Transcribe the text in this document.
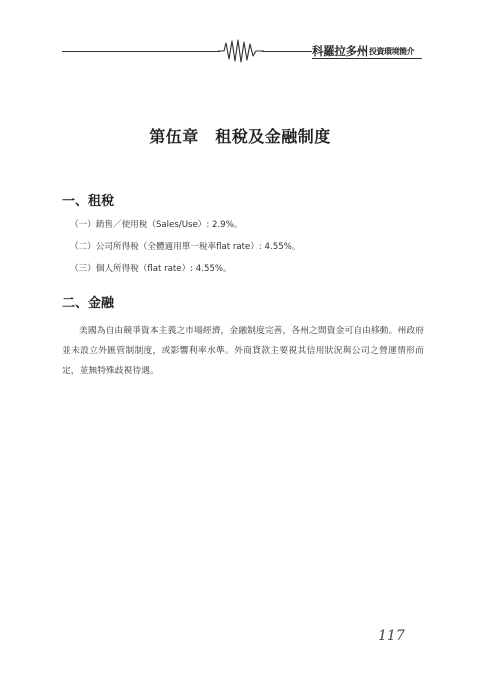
科羅拉多州 投資環境簡介
第伍章　租稅及金融制度
一、租稅
（一）銷售／使用稅（Sales/Use）: 2.9%。
（二）公司所得稅（全體適用單一稅率flat rate）: 4.55%。
（三）個人所得稅（flat rate）: 4.55%。
二、金融

美國為自由競爭資本主義之市場經濟，金融制度完善，各州之間資金可自由移動。州政府並未設立外匯管制制度，或影響利率水準。外商貸款主要視其信用狀況與公司之營運情形而定，並無特殊歧視待遇。

117
